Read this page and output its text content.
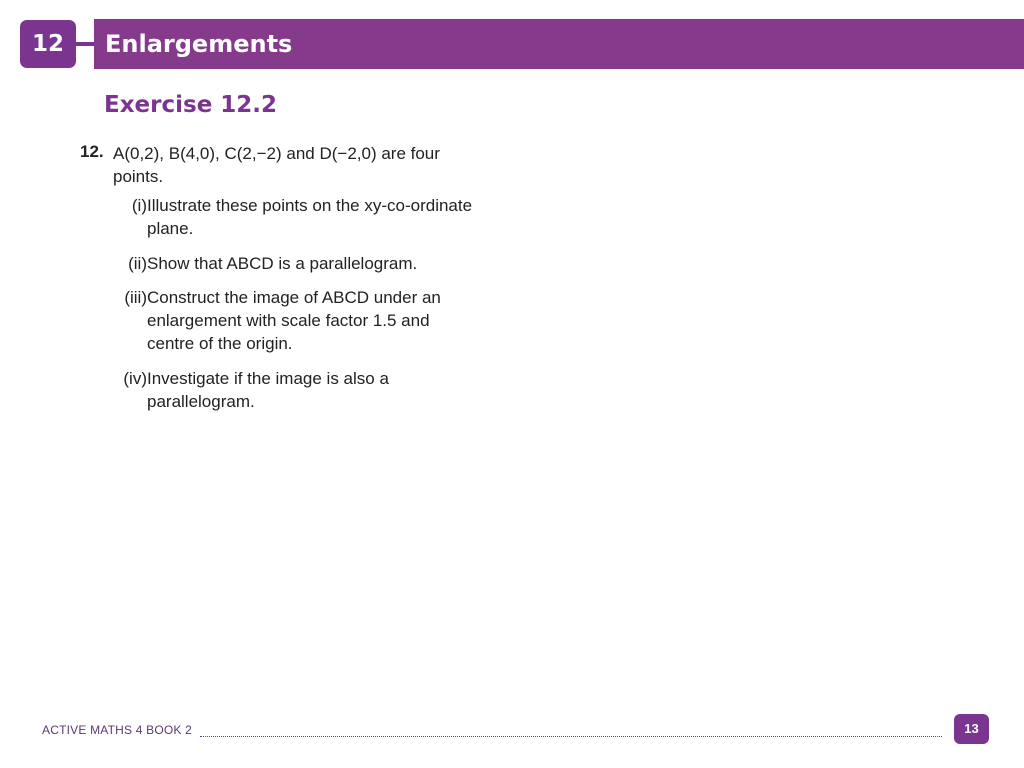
12	Enlargements
Exercise 12.2
12. A(0,2), B(4,0), C(2,−2) and D(−2,0) are four points.
(i) Illustrate these points on the xy-co-ordinate plane.
(ii) Show that ABCD is a parallelogram.
(iii) Construct the image of ABCD under an enlargement with scale factor 1.5 and centre of the origin.
(iv) Investigate if the image is also a parallelogram.
ACTIVE MATHS 4 BOOK 2	13
